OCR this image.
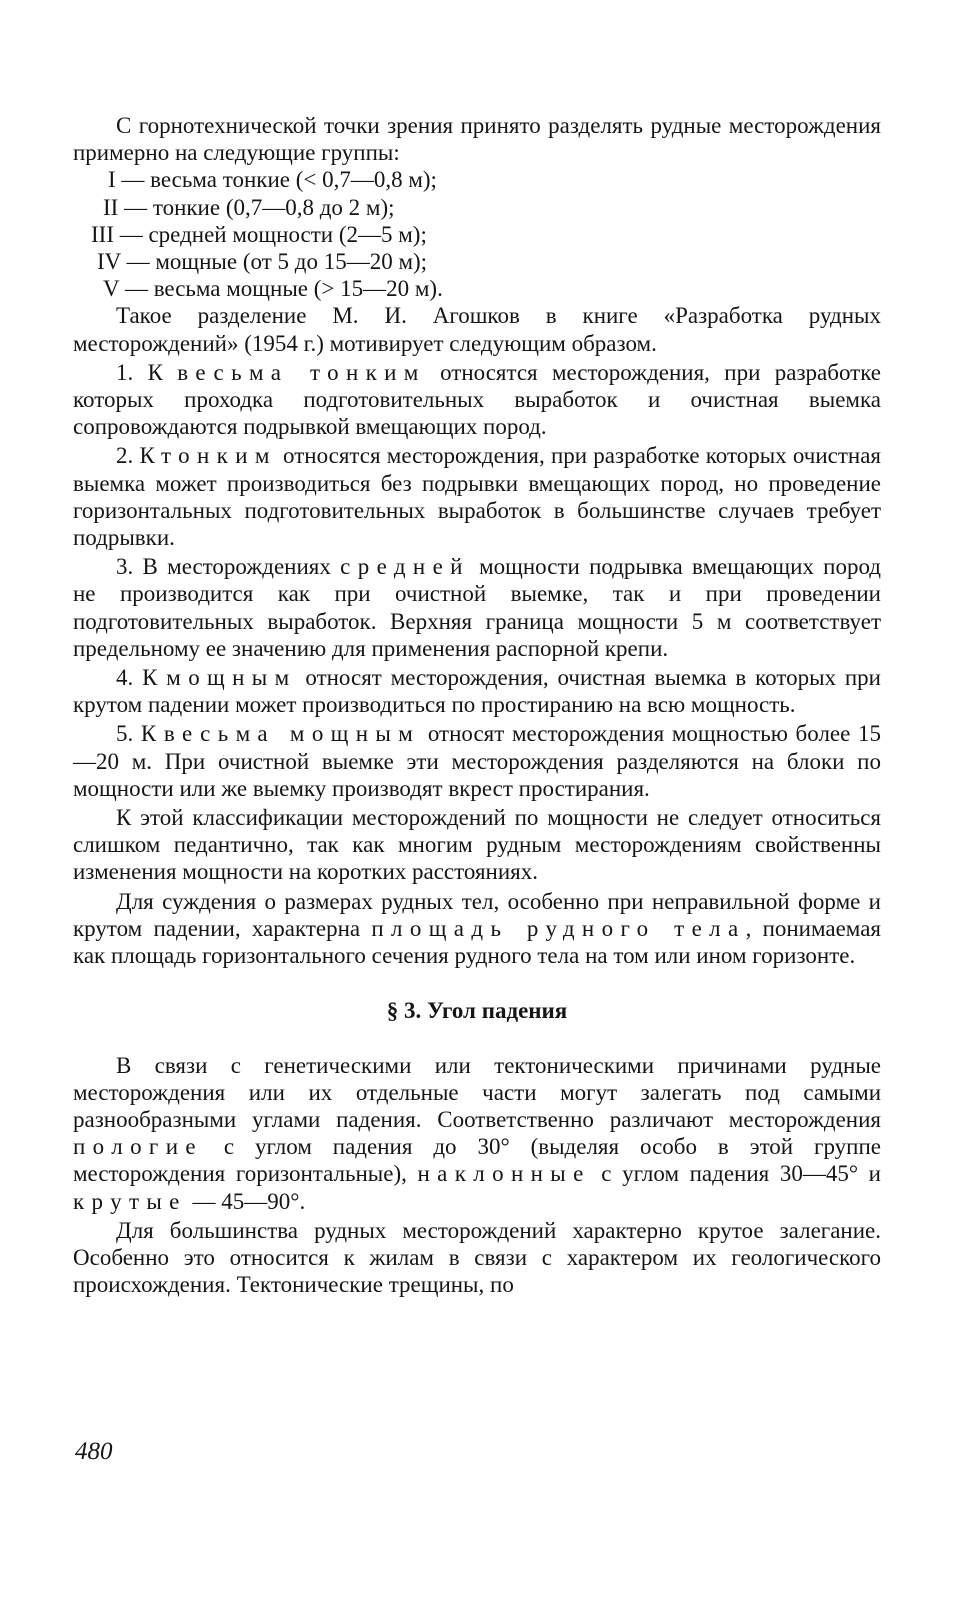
С горнотехнической точки зрения принято разделять рудные месторождения примерно на следующие группы:

I — весьма тонкие (< 0,7—0,8 м);

II — тонкие (0,7—0,8 до 2 м);

III — средней мощности (2—5 м);

IV — мощные (от 5 до 15—20 м);

V — весьма мощные (> 15—20 м).

Такое разделение М. И. Агошков в книге «Разработка рудных месторождений» (1954 г.) мотивирует следующим образом.

1. К весьма тонким относятся месторождения, при разработке которых проходка подготовительных выработок и очистная выемка сопровождаются подрывкой вмещающих пород.

2. К тонким относятся месторождения, при разработке которых очистная выемка может производиться без подрывки вмещающих пород, но проведение горизонтальных подготовительных выработок в большинстве случаев требует подрывки.

3. В месторождениях средней мощности подрывка вмещающих пород не производится как при очистной выемке, так и при проведении подготовительных выработок. Верхняя граница мощности 5 м соответствует предельному ее значению для применения распорной крепи.

4. К мощным относят месторождения, очистная выемка в которых при крутом падении может производиться по простиранию на всю мощность.

5. К весьма мощным относят месторождения мощностью более 15—20 м. При очистной выемке эти месторождения разделяются на блоки по мощности или же выемку производят вкрест простирания.

К этой классификации месторождений по мощности не следует относиться слишком педантично, так как многим рудным месторождениям свойственны изменения мощности на коротких расстояниях.

Для суждения о размерах рудных тел, особенно при неправильной форме и крутом падении, характерна площадь рудного тела, понимаемая как площадь горизонтального сечения рудного тела на том или ином горизонте.

§ 3. Угол падения

В связи с генетическими или тектоническими причинами рудные месторождения или их отдельные части могут залегать под самыми разнообразными углами падения. Соответственно различают месторождения пологие с углом падения до 30° (выделяя особо в этой группе месторождения горизонтальные), наклонные с углом падения 30—45° и крутые — 45—90°.

Для большинства рудных месторождений характерно крутое залегание. Особенно это относится к жилам в связи с характером их геологического происхождения. Тектонические трещины, по

480
